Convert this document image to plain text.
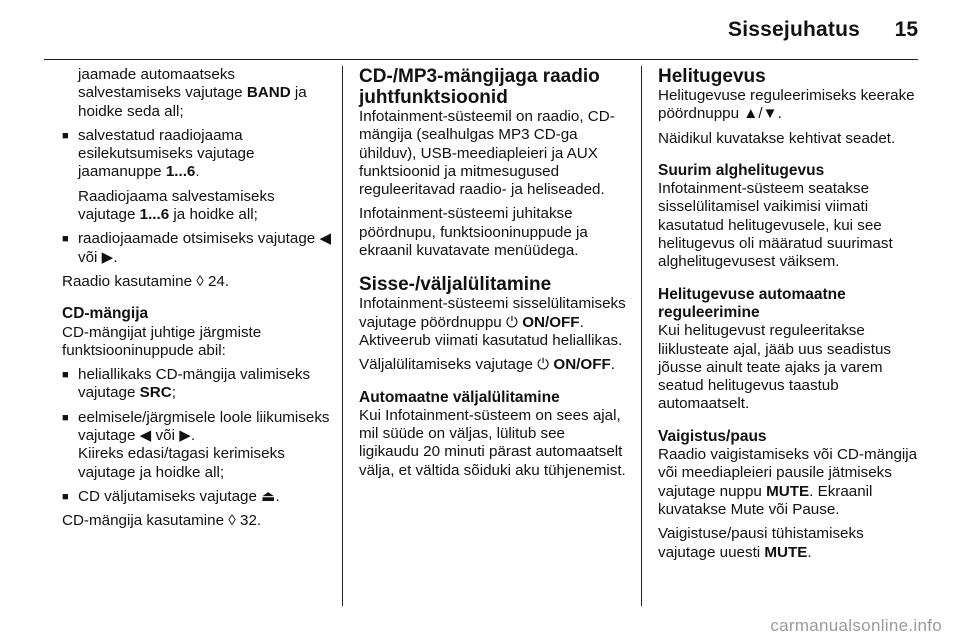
Sissejuhatus 15

jaamade automaatseks salvestamiseks vajutage BAND ja hoidke seda all;

■ salvestatud raadiojaama esilekutsumiseks vajutage jaamanuppe 1...6.

Raadiojaama salvestamiseks vajutage 1...6 ja hoidke all;

■ raadiojaamade otsimiseks vajutage ◀ või ▶.

Raadio kasutamine ◊ 24.

CD-mängija

CD-mängijat juhtige järgmiste funktsiooninuppude abil:

■ heliallikaks CD-mängija valimiseks vajutage SRC;
■ eelmisele/järgmisele loole liikumiseks vajutage ◀ või ▶.
Kiireks edasi/tagasi kerimiseks vajutage ja hoidke all;
■ CD väljutamiseks vajutage ⏏.

CD-mängija kasutamine ◊ 32.

CD-/MP3-mängijaga raadio juhtfunktsioonid

Infotainment-süsteemil on raadio, CD-mängija (sealhulgas MP3 CD-ga ühilduv), USB-meediapleieri ja AUX funktsioonid ja mitmesugused reguleeritavad raadio- ja heliseaded.

Infotainment-süsteemi juhitakse pöördnupu, funktsiooninuppude ja ekraanil kuvatavate menüüdega.

Sisse-/väljalülitamine

Infotainment-süsteemi sisselülitamiseks vajutage pöördnuppu ⏻ ON/OFF. Aktiveerub viimati kasutatud heliallikas.

Väljalülitamiseks vajutage ⏻ ON/OFF.

Automaatne väljalülitamine

Kui Infotainment-süsteem on sees ajal, mil süüde on väljas, lülitub see ligikaudu 20 minuti pärast automaatselt välja, et vältida sõiduki aku tühjenemist.

Helitugevus

Helitugevuse reguleerimiseks keerake pöördnuppu ▲/▼.

Näidikul kuvatakse kehtivat seadet.

Suurim alghelitugevus

Infotainment-süsteem seatakse sisselülitamisel vaikimisi viimati kasutatud helitugevusele, kui see helitugevus oli määratud suurimast alghelitugevusest väiksem.

Helitugevuse automaatne reguleerimine

Kui helitugevust reguleeritakse liiklusteate ajal, jääb uus seadistus jõusse ainult teate ajaks ja varem seatud helitugevus taastub automaatselt.

Vaigistus/paus

Raadio vaigistamiseks või CD-mängija või meediapleieri pausile jätmiseks vajutage nuppu MUTE. Ekraanil kuvatakse Mute või Pause.

Vaigistuse/pausi tühistamiseks vajutage uuesti MUTE.

carmanualsonline.info
